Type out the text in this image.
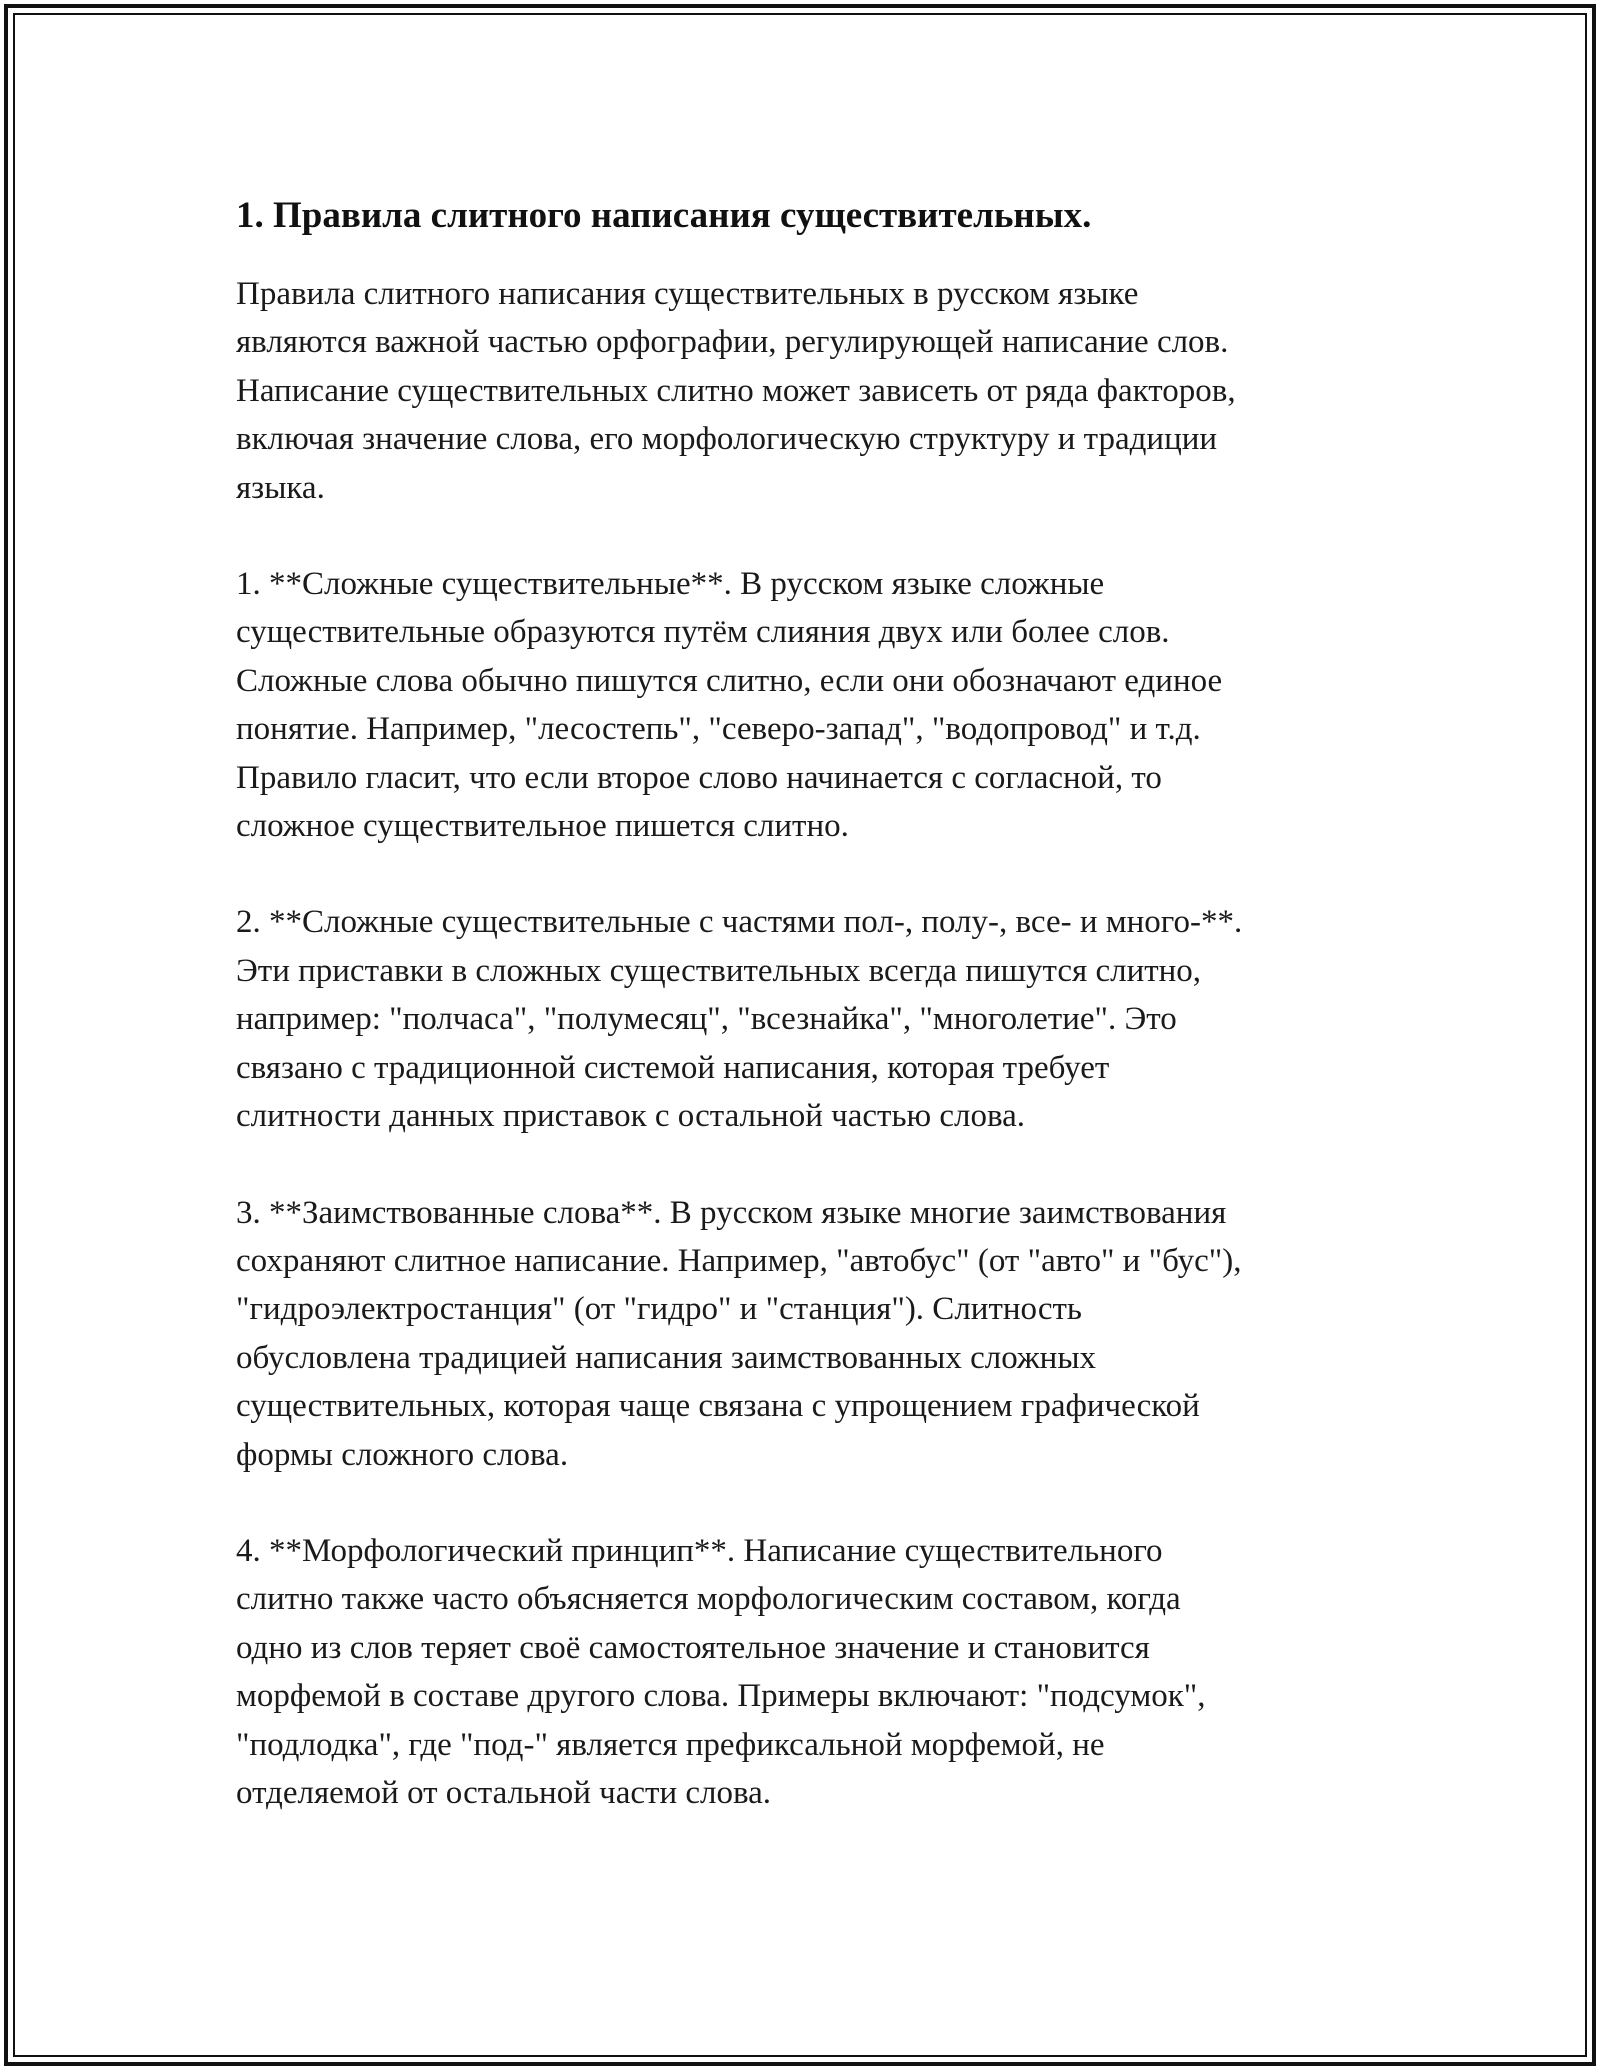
1. Правила слитного написания существительных.

Правила слитного написания существительных в русском языке
являются важной частью орфографии, регулирующей написание слов.
Написание существительных слитно может зависеть от ряда факторов,
включая значение слова, его морфологическую структуру и традиции
языка.

1. **Сложные существительные**. В русском языке сложные
существительные образуются путём слияния двух или более слов.
Сложные слова обычно пишутся слитно, если они обозначают единое
понятие. Например, "лесостепь", "северо-запад", "водопровод" и т.д.
Правило гласит, что если второе слово начинается с согласной, то
сложное существительное пишется слитно.

2. **Сложные существительные с частями пол-, полу-, все- и много-**.
Эти приставки в сложных существительных всегда пишутся слитно,
например: "полчаса", "полумесяц", "всезнайка", "многолетие". Это
связано с традиционной системой написания, которая требует
слитности данных приставок с остальной частью слова.

3. **Заимствованные слова**. В русском языке многие заимствования
сохраняют слитное написание. Например, "автобус" (от "авто" и "бус"),
"гидроэлектростанция" (от "гидро" и "станция"). Слитность
обусловлена традицией написания заимствованных сложных
существительных, которая чаще связана с упрощением графической
формы сложного слова.

4. **Морфологический принцип**. Написание существительного
слитно также часто объясняется морфологическим составом, когда
одно из слов теряет своё самостоятельное значение и становится
морфемой в составе другого слова. Примеры включают: "подсумок",
"подлодка", где "под-" является префиксальной морфемой, не
отделяемой от остальной части слова.
